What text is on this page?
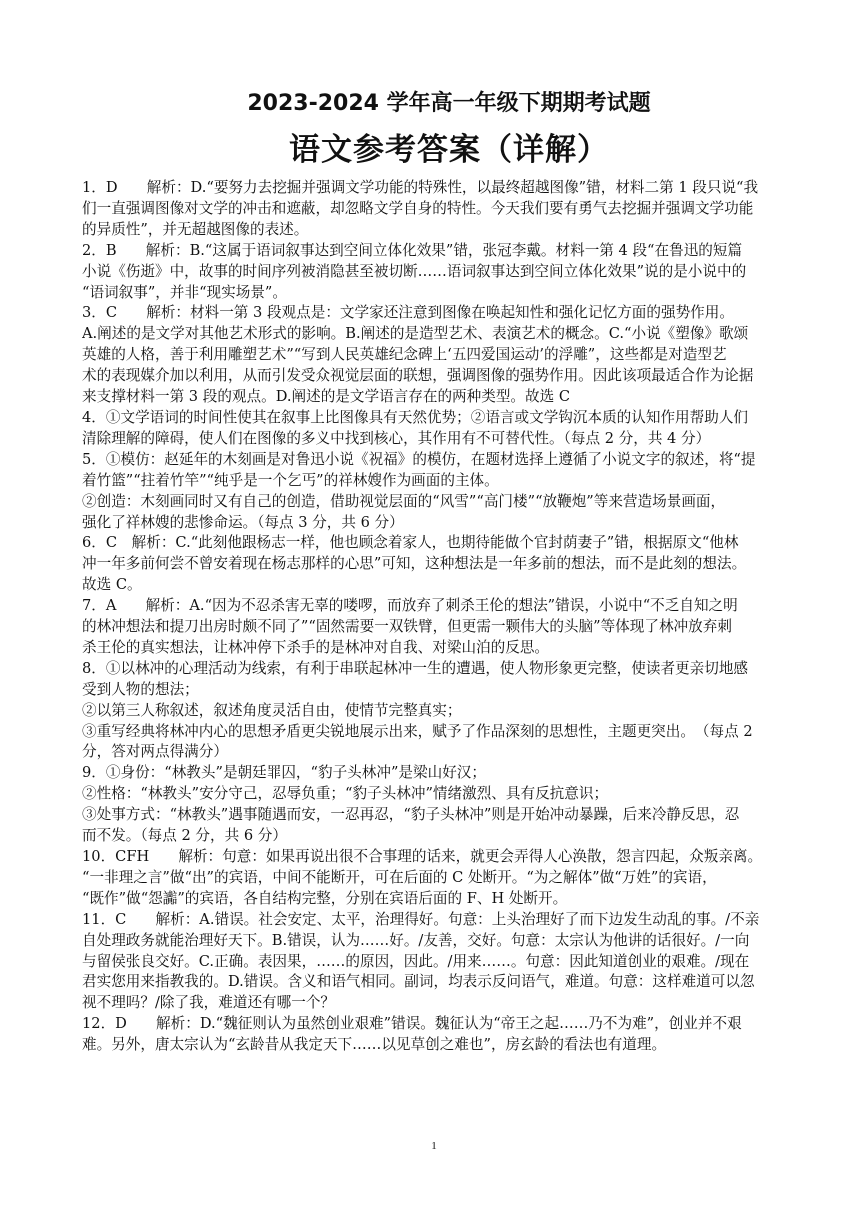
2023-2024 学年高一年级下期期考试题
语文参考答案（详解）
1．D　　解析：D.“要努力去挖掘并强调文学功能的特殊性，以最终超越图像”错，材料二第 1 段只说“我
们一直强调图像对文学的冲击和遮蔽，却忽略文学自身的特性。今天我们要有勇气去挖掘并强调文学功能
的异质性”，并无超越图像的表述。
2．B　　解析：B.“这属于语词叙事达到空间立体化效果”错，张冠李戴。材料一第 4 段“在鲁迅的短篇
小说《伤逝》中，故事的时间序列被消隐甚至被切断……语词叙事达到空间立体化效果”说的是小说中的
“语词叙事”，并非“现实场景”。
3．C　　解析：材料一第 3 段观点是：文学家还注意到图像在唤起知性和强化记忆方面的强势作用。
A.阐述的是文学对其他艺术形式的影响。B.阐述的是造型艺术、表演艺术的概念。C.“小说《塑像》歌颂
英雄的人格，善于利用雕塑艺术”“写到人民英雄纪念碑上‘五四爱国运动’的浮雕”，这些都是对造型艺
术的表现媒介加以利用，从而引发受众视觉层面的联想，强调图像的强势作用。因此该项最适合作为论据
来支撑材料一第 3 段的观点。D.阐述的是文学语言存在的两种类型。故选 C
4．①文学语词的时间性使其在叙事上比图像具有天然优势；②语言或文学钩沉本质的认知作用帮助人们
清除理解的障碍，使人们在图像的多义中找到核心，其作用有不可替代性。（每点 2 分，共 4 分）
5．①模仿：赵延年的木刻画是对鲁迅小说《祝福》的模仿，在题材选择上遵循了小说文字的叙述，将“提
着竹篮”“拄着竹竿”“纯乎是一个乞丐”的祥林嫂作为画面的主体。
②创造：木刻画同时又有自己的创造，借助视觉层面的“风雪”“高门楼”“放鞭炮”等来营造场景画面，
强化了祥林嫂的悲惨命运。（每点 3 分，共 6 分）
6．C　解析：C.“此刻他跟杨志一样，他也顾念着家人，也期待能做个官封荫妻子”错，根据原文“他林
冲一年多前何尝不曾安着现在杨志那样的心思”可知，这种想法是一年多前的想法，而不是此刻的想法。
故选 C。
7．A　　解析：A.“因为不忍杀害无辜的喽啰，而放弃了刺杀王伦的想法”错误，小说中“不乏自知之明
的林冲想法和提刀出房时颇不同了”“固然需要一双铁臂，但更需一颗伟大的头脑”等体现了林冲放弃刺
杀王伦的真实想法，让林冲停下杀手的是林冲对自我、对梁山泊的反思。
8．①以林冲的心理活动为线索，有利于串联起林冲一生的遭遇，使人物形象更完整，使读者更亲切地感
受到人物的想法；
②以第三人称叙述，叙述角度灵活自由，使情节完整真实；
③重写经典将林冲内心的思想矛盾更尖锐地展示出来，赋予了作品深刻的思想性，主题更突出。　（每点 2
分，答对两点得满分）
9．①身份：“林教头”是朝廷罪囚，“豹子头林冲”是梁山好汉；
②性格：“林教头”安分守己，忍辱负重；“豹子头林冲”情绪激烈、具有反抗意识；
③处事方式：“林教头”遇事随遇而安，一忍再忍，“豹子头林冲”则是开始冲动暴躁，后来冷静反思，忍
而不发。（每点 2 分，共 6 分）
10．CFH　　解析：句意：如果再说出很不合事理的话来，就更会弄得人心涣散，怨言四起，众叛亲离。
“一非理之言”做“出”的宾语，中间不能断开，可在后面的 C 处断开。“为之解体”做“万姓”的宾语，
“既作”做“怨讟”的宾语，各自结构完整，分别在宾语后面的 F、H 处断开。
11．C　　解析：A.错误。社会安定、太平，治理得好。句意：上头治理好了而下边发生动乱的事。/不亲
自处理政务就能治理好天下。B.错误，认为……好。/友善，交好。句意：太宗认为他讲的话很好。/一向
与留侯张良交好。C.正确。表因果，……的原因，因此。/用来……。句意：因此知道创业的艰难。/现在
君实您用来指教我的。D.错误。含义和语气相同。副词，均表示反问语气，难道。句意：这样难道可以忽
视不理吗？/除了我，难道还有哪一个？
12．D　　解析：D.“魏征则认为虽然创业艰难”错误。魏征认为“帝王之起……乃不为难”，创业并不艰
难。另外，唐太宗认为“玄龄昔从我定天下……以见草创之难也”，房玄龄的看法也有道理。
1
